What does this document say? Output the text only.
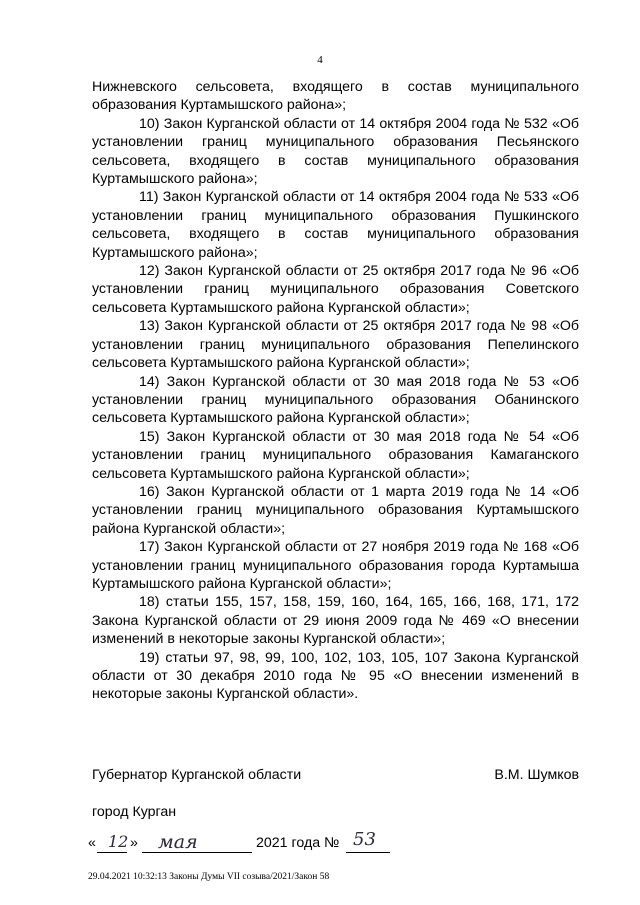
4

Нижневского сельсовета, входящего в состав муниципального образования Куртамышского района»;

10) Закон Курганской области от 14 октября 2004 года № 532 «Об установлении границ муниципального образования Песьянского сельсовета, входящего в состав муниципального образования Куртамышского района»;

11) Закон Курганской области от 14 октября 2004 года № 533 «Об установлении границ муниципального образования Пушкинского сельсовета, входящего в состав муниципального образования Куртамышского района»;

12) Закон Курганской области от 25 октября 2017 года № 96 «Об установлении границ муниципального образования Советского сельсовета Куртамышского района Курганской области»;

13) Закон Курганской области от 25 октября 2017 года № 98 «Об установлении границ муниципального образования Пепелинского сельсовета Куртамышского района Курганской области»;

14) Закон Курганской области от 30 мая 2018 года № 53 «Об установлении границ муниципального образования Обанинского сельсовета Куртамышского района Курганской области»;

15) Закон Курганской области от 30 мая 2018 года № 54 «Об установлении границ муниципального образования Камаганского сельсовета Куртамышского района Курганской области»;

16) Закон Курганской области от 1 марта 2019 года № 14 «Об установлении границ муниципального образования Куртамышского района Курганской области»;

17) Закон Курганской области от 27 ноября 2019 года № 168 «Об установлении границ муниципального образования города Куртамыша Куртамышского района Курганской области»;

18) статьи 155, 157, 158, 159, 160, 164, 165, 166, 168, 171, 172 Закона Курганской области от 29 июня 2009 года № 469 «О внесении изменений в некоторые законы Курганской области»;

19) статьи 97, 98, 99, 100, 102, 103, 105, 107 Закона Курганской области от 30 декабря 2010 года № 95 «О внесении изменений в некоторые законы Курганской области».

Губернатор Курганской области	В.М. Шумков
город Курган
« 12 » мая	2021 года № 53
29.04.2021 10:32:13 Законы Думы VII созыва/2021/Закон 58
